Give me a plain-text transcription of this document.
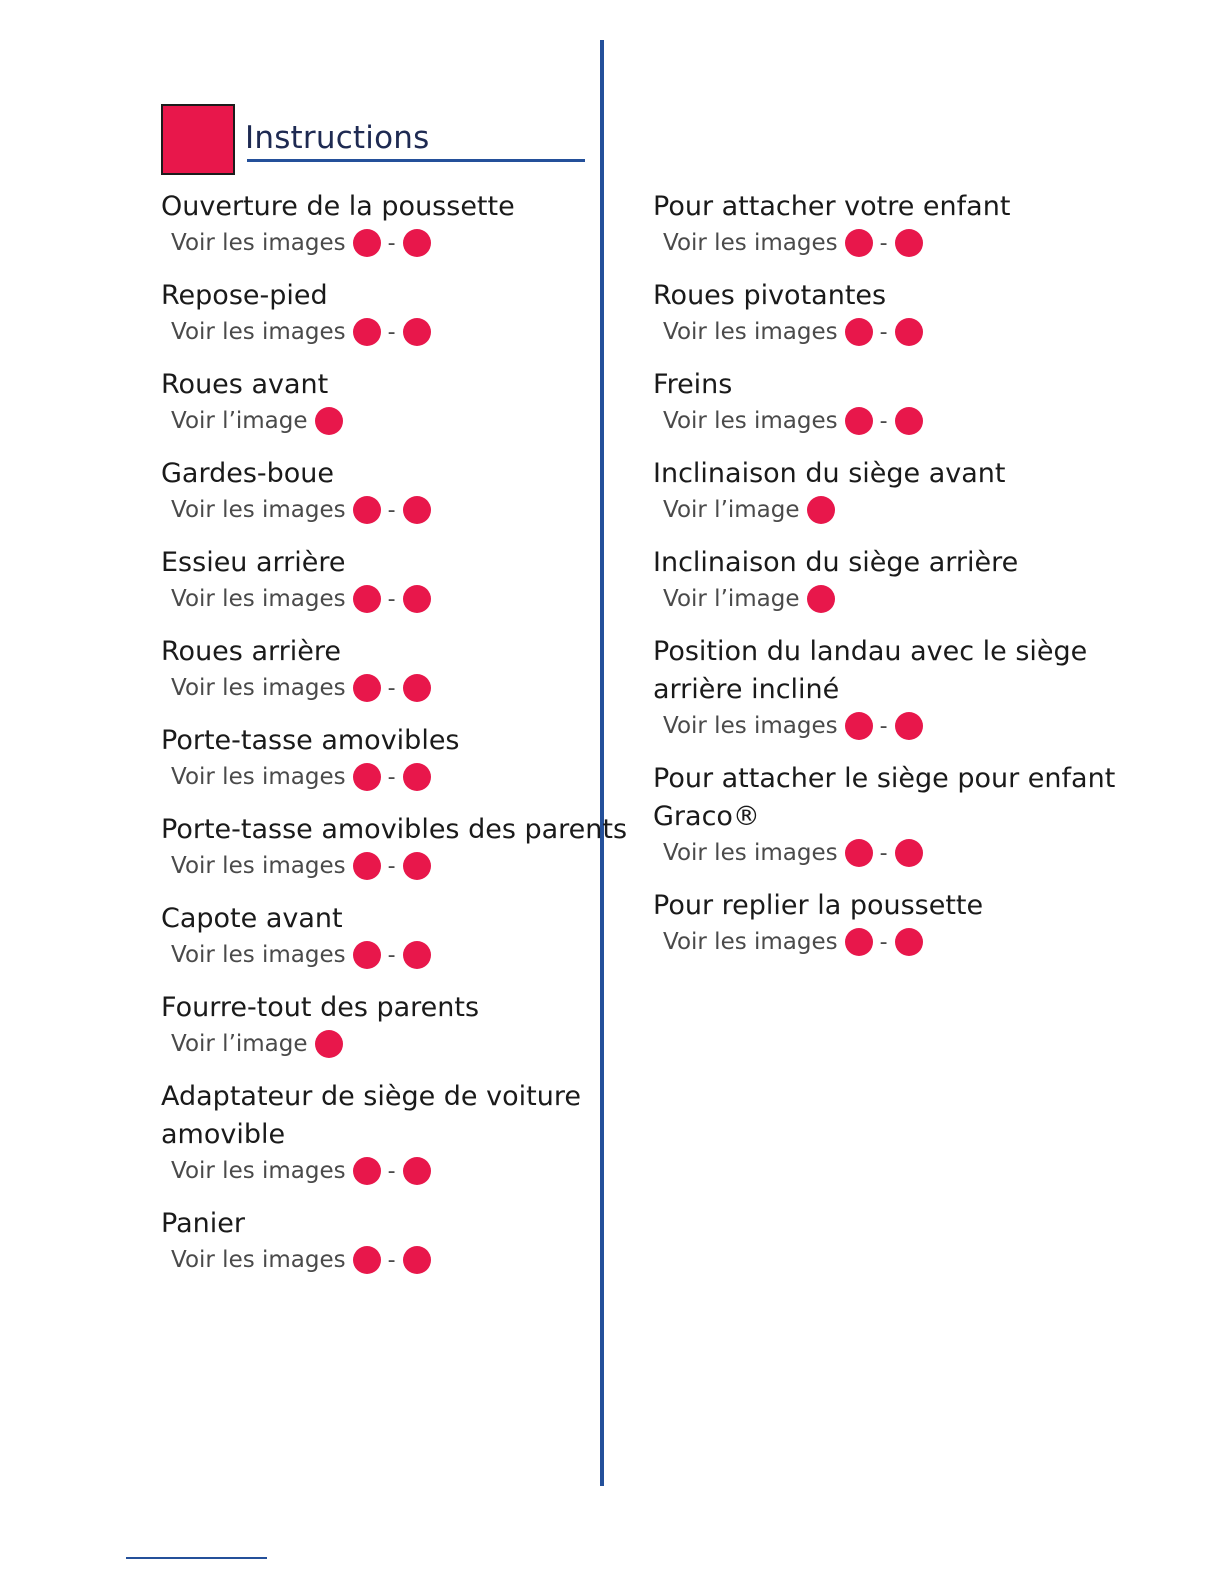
Instructions
Ouverture de la poussette
Voir les images -
Repose-pied
Voir les images -
Roues avant
Voir l’image
Gardes-boue
Voir les images -
Essieu arrière
Voir les images -
Roues arrière
Voir les images -
Porte-tasse amovibles
Voir les images -
Porte-tasse amovibles des parents
Voir les images -
Capote avant
Voir les images -
Fourre-tout des parents
Voir l’image
Adaptateur de siège de voiture
amovible
Voir les images -
Panier
Voir les images -
Pour attacher votre enfant
Voir les images -
Roues pivotantes
Voir les images -
Freins
Voir les images -
Inclinaison du siège avant
Voir l’image
Inclinaison du siège arrière
Voir l’image
Position du landau avec le siège
arrière incliné
Voir les images -
Pour attacher le siège pour enfant
Graco®
Voir les images -
Pour replier la poussette
Voir les images -
